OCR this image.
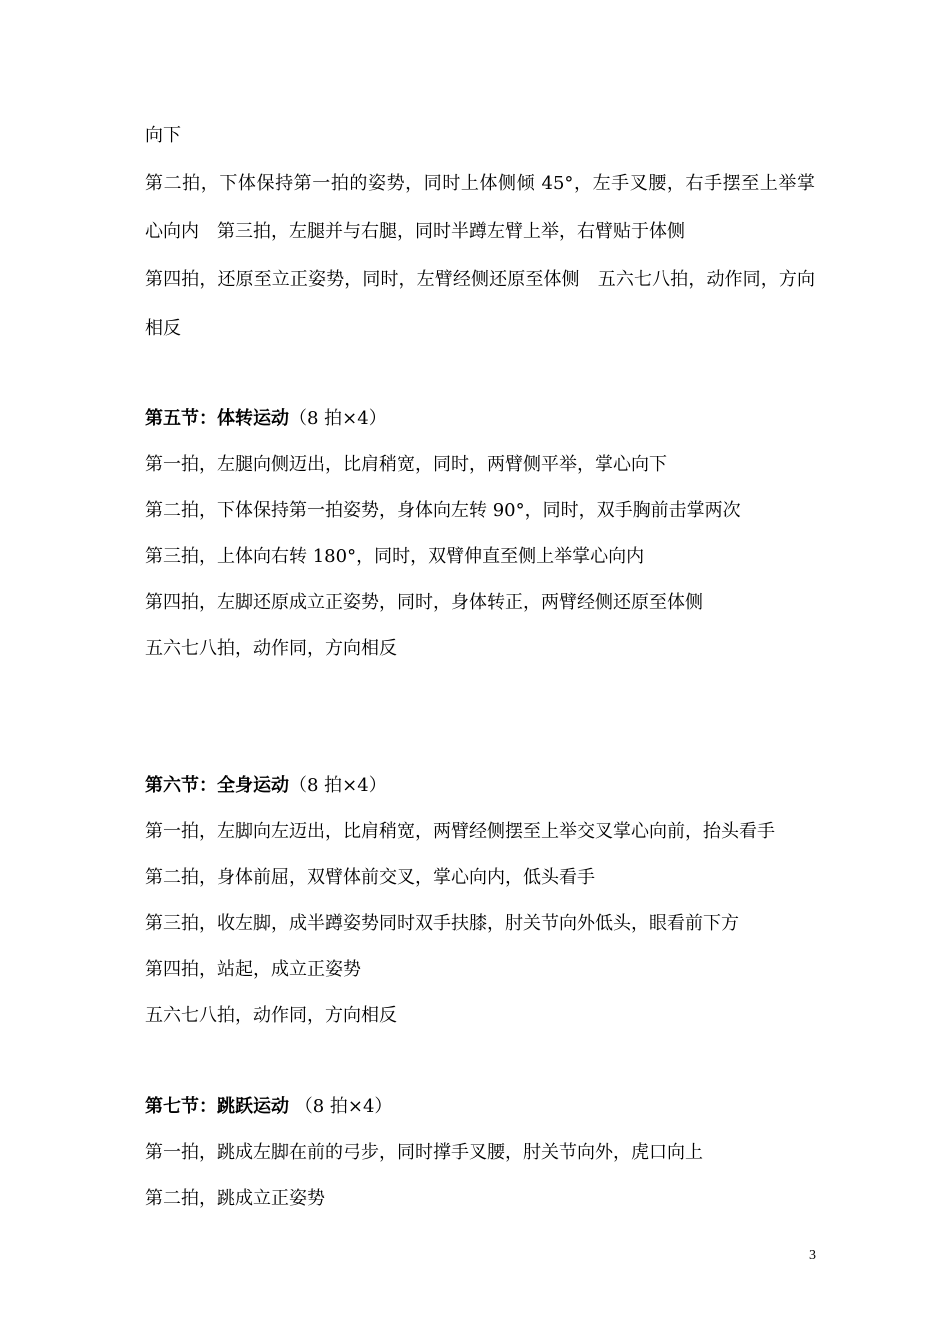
向下
第二拍，下体保持第一拍的姿势，同时上体侧倾 45°，左手叉腰，右手摆至上举掌
心向内　第三拍，左腿并与右腿，同时半蹲左臂上举，右臂贴于体侧
第四拍，还原至立正姿势，同时，左臂经侧还原至体侧　五六七八拍，动作同，方向
相反
第五节：体转运动（8 拍×4）
第一拍，左腿向侧迈出，比肩稍宽，同时，两臂侧平举，掌心向下
第二拍，下体保持第一拍姿势，身体向左转 90°，同时，双手胸前击掌两次
第三拍，上体向右转 180°，同时，双臂伸直至侧上举掌心向内
第四拍，左脚还原成立正姿势，同时，身体转正，两臂经侧还原至体侧
五六七八拍，动作同，方向相反
第六节：全身运动（8 拍×4）
第一拍，左脚向左迈出，比肩稍宽，两臂经侧摆至上举交叉掌心向前，抬头看手
第二拍，身体前屈，双臂体前交叉，掌心向内，低头看手
第三拍，收左脚，成半蹲姿势同时双手扶膝，肘关节向外低头，眼看前下方
第四拍，站起，成立正姿势
五六七八拍，动作同，方向相反
第七节：跳跃运动 （8 拍×4）
第一拍，跳成左脚在前的弓步，同时撑手叉腰，肘关节向外，虎口向上
第二拍，跳成立正姿势
3
